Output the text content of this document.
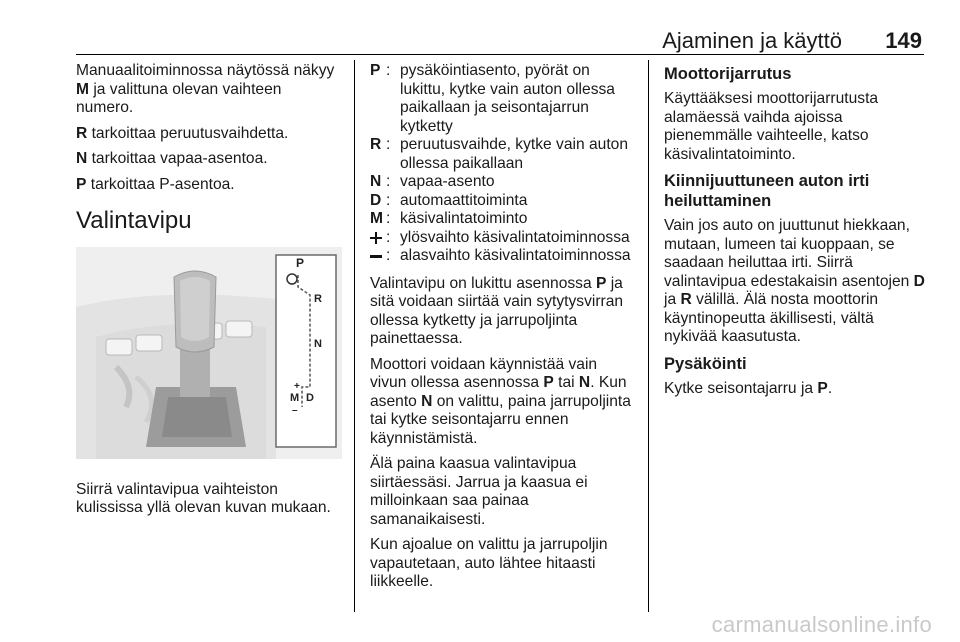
Ajaminen ja käyttö 149

Manuaalitoiminnossa näytössä näkyy M ja valittuna olevan vaihteen numero.

R tarkoittaa peruutusvaihdetta.

N tarkoittaa vapaa-asentoa.

P tarkoittaa P-asentoa.

Valintavipu
P
R
N
+
M D
–

Siirrä valintavipua vaihteiston kulississa yllä olevan kuvan mukaan.

P : pysäköintiasento, pyörät on lukittu, kytke vain auton ollessa paikallaan ja seisontajarrun kytketty
R : peruutusvaihde, kytke vain auton ollessa paikallaan
N : vapaa-asento
D : automaattitoiminta
M : käsivalintatoiminto
: ylösvaihto käsivalintatoiminnossa
: alasvaihto käsivalintatoiminnossa

Valintavipu on lukittu asennossa P ja sitä voidaan siirtää vain sytytysvirran ollessa kytketty ja jarrupoljinta painettaessa.

Moottori voidaan käynnistää vain vivun ollessa asennossa P tai N. Kun asento N on valittu, paina jarrupoljinta tai kytke seisontajarru ennen käynnistämistä.

Älä paina kaasua valintavipua siirtäessäsi. Jarrua ja kaasua ei milloinkaan saa painaa samanaikaisesti.

Kun ajoalue on valittu ja jarrupoljin vapautetaan, auto lähtee hitaasti liikkeelle.

Moottorijarrutus

Käyttääksesi moottorijarrutusta alamäessä vaihda ajoissa pienemmälle vaihteelle, katso käsivalintatoiminto.

Kiinnijuuttuneen auton irti heiluttaminen

Vain jos auto on juuttunut hiekkaan, mutaan, lumeen tai kuoppaan, se saadaan heiluttaa irti. Siirrä valintavipua edestakaisin asentojen D ja R välillä. Älä nosta moottorin käyntinopeutta äkillisesti, vältä nykivää kaasutusta.

Pysäköinti

Kytke seisontajarru ja P.

carmanualsonline.info
